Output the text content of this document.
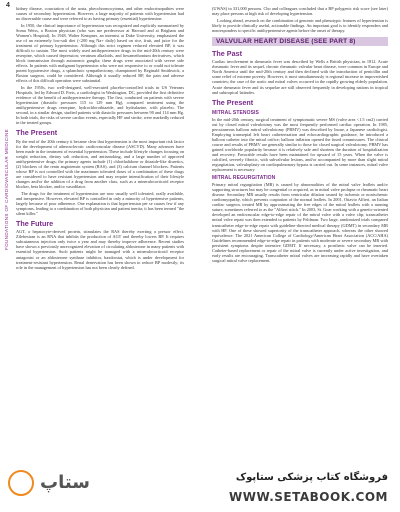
4
FOUNDATIONS OF CARDIOVASCULAR MEDICINE

kidney disease, coarctation of the aorta, pheochromocytoma, and other endocrinopathies were causes of secondary hypertension. However, a large majority of patients with hypertension had no discernable cause and were referred to as having primary (essential) hypertension.

In 1950, the clinical importance of hypertension was recognized and explicitly summarized by Soma Weiss, a Boston physician (who was me predecessor at Harvard and at Brigham and Women's Hospital). In 1948, Walter Kempner, an internist at Duke University, emphasized the use of an extremely low-salt diet (<200 mg Na+ daily) based on rice, fruit, and juice for the treatment of primary hypertension. Although this strict regimen reduced elevated BP, it was difficult to sustain. The most widely used antihypertensive drugs in the mid-20th century were reserpine, which caused depression; veratrum alkaloids, and hexamethonium derivatives, which block transmission through autonomic ganglia; these drugs were associated with severe side effects. In patients with malignant hypertension who were not responsive to or could not tolerate potent hypotensive drugs, a splanchnic sympathectomy, championed by Reginald Smithwick, a Boston surgeon, could be considered. Although it usually reduced BP, the pain and adverse effects of this difficult operation were substantial.

In the 1950s, two well-designed, well-executed placebo-controlled trials in US Veterans Hospitals, led by Edward D. Freis, a cardiologist in Washington, DC, provided the first definitive evidence of the benefit of antihypertensive therapy. The first, conducted on patients with severe hypertension (diastolic pressures 115 to 129 mm Hg), compared treatment using the antihypertensive drugs reserpine, hydrochlorothiazide, and hydralazine, with placebo. The second, in a similar design, studied patients with diastolic pressures between 90 and 114 mm Hg. In both trials, the risks of severe cardiac events, especially HF and stroke, were markedly reduced in the treated groups.

The Present

By the end of the 20th century it became clear that hypertension is the most important risk factor for the development of atherosclerotic cardiovascular disease (ASCVD). Many advances have been made in the treatment of essential hypertension. These include lifestyle changes focusing on weight reduction, dietary salt reduction, and antismoking, and a large number of approved antihypertensive drugs; the primary agents include (1) chlorthalidone or thiazide-like diuretics, (2) blockers of the renin angiotensin system (RAS), and (3) calcium channel blockers. Patients whose BP is not controlled with the maximum tolerated doses of a combination of these drugs are considered to have resistant hypertension and may require intensification of their lifestyle changes and/or the addition of a drug from another class, such as a mineralocorticoid receptor blocker, beta blocker, and/or vasodilator.

The drugs for the treatment of hypertension are now usually well tolerated, orally available, and inexpensive. However, elevated BP is controlled in only a minority of hypertensive patients, largely because of poor adherence. One explanation is that hypertension per se causes few if any symptoms, leading to a combination of both physician and patient inertia; it has been termed "the silent killer."

The Future

AGT, a hepatocyte-derived protein, stimulates the RAS thereby exerting a pressor effect. Zilebesiran is an RNA that inhibits the production of AGT and thereby lowers BP. It requires subcutaneous injection only twice a year and may thereby improve adherence. Recent studies have shown a previously unrecognized elevation of circulating aldosterone in many patients with essential hypertension. Such patients might be managed with a mineralocorticoid receptor antagonist or an aldosterone synthase inhibitor, baxdrostat, which is under development for treatment-resistant hypertension. Renal denervation has been shown to reduce BP modestly; its role in the management of hypertension has not been clearly defined.

(UWAS) in 331,000 persons. Cho and colleagues concluded that a BP polygenic risk score (see later) may place persons at high risk of developing hypertension.

Looking ahead, research on the combination of genomic and phenotypic features of hypertension is likely to provide clinically useful, actionable findings. An important goal is to identify responders and nonresponders to specific antihypertensive agents before the onset of therapy.

VALVULAR HEART DISEASE (SEE PART 8)
The Past

Cardiac involvement in rheumatic fever was described by Wells a British physician, in 1812. Acute rheumatic fever and its sequel, chronic rheumatic valvular heart disease, were common in Europe and North America until the mid-20th century and then declined with the introduction of penicillin and some relief of extreme poverty. However, it most simultaneously is regional increase in impoverished countries; the case of the aortic and mitral valves occurred in the rapidly growing elderly population. Acute rheumatic fever and its sequelae are still observed frequently in developing nations in tropical and subtropical latitudes.

The Present
MITRAL STENOSIS

In the mid-20th century, surgical treatment of symptomatic severe MS (valve area <1.5 cm2) carried out by closed mitral valvulotomy was the most frequently performed cardiac operation. In 1985, percutaneous balloon mitral valvulotomy (PBMV) was described by Inoue, a Japanese cardiologist. Employing transseptal left heart catheterization and echocardiographic guidance, he introduced a balloon catheter into the mitral orifice; balloon inflation opened the fused commissures. The clinical course and results of PBMV are generally similar to those for closed surgical valvulotomy. PBMV has gained worldwide popularity because it is relatively safe and shortens the duration of hospitalization and recovery. Favorable results have been maintained for upward of 15 years. When the valve is calcified, severely fibrotic, with subvalvular lesions, and/or accompanied by more than slight mitral regurgitation, valvuloplasty on cardiopulmonary bypass is carried out. In some instances, mitral valve replacement is necessary.

MITRAL REGURGITATION

Primary mitral regurgitation (MR) is caused by abnormalities of the mitral valve leaflets and/or supporting structures but may be congenital or acquired, as in mitral valve prolapse or rheumatic heart disease. Secondary MR usually results from ventricular dilation caused by ischemic or nonischemic cardiomyopathy, which prevents coaptation of the normal leaflets. In 2001, Ottavio Alfieri, an Italian cardiac surgeon, treated MR by approximating the free edges of the mitral leaflets with a running suture, sometimes referred to as the "Alfieri stitch." In 2003, St. Goar working with a genetic-oriented developed an endovascular edge-to-edge repair of the mitral valve with a valve clip; transcatheter mitral valve repair was then extended to patients by Feldman. Two large, randomized trials compared transcatheter edge-to-edge repair with guideline-directed medical therapy (GDMT) in secondary MR with HF. One of these showed superiority of the transcatheter approach, whereas the other showed equivalence. The 2021 American College of Cardiology/American Heart Association (ACC/AHA) Guidelines recommended edge-to-edge repair in patients with moderate or severe secondary MR with persistent symptoms despite intensive GDMT. If necessary, a prosthetic valve can be inserted. Catheter-based replacement or repair of the mitral valve is currently under active investigation, and early results are encouraging. Transcatheter mitral valves are increasing rapidly and have overtaken surgical mitral valve replacement.

ستاپ	فروشگاه کتاب پزشکی ستاپوک
WWW.SETABOOK.COM
